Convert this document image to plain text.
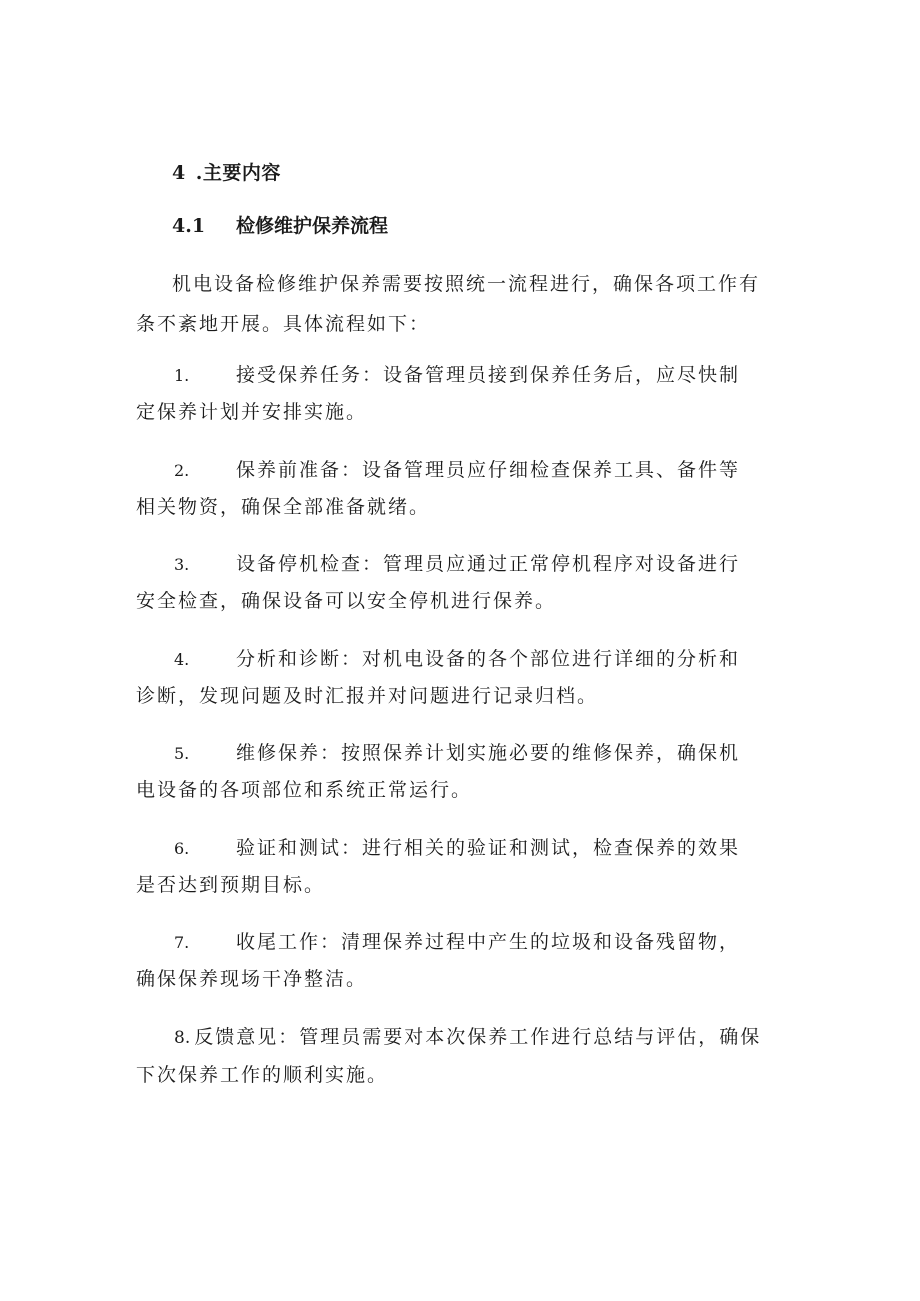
4 .主要内容
4.1 检修维护保养流程
机电设备检修维护保养需要按照统一流程进行，确保各项工作有条不紊地开展。具体流程如下：
1. 接受保养任务：设备管理员接到保养任务后，应尽快制定保养计划并安排实施。
2. 保养前准备：设备管理员应仔细检查保养工具、备件等相关物资，确保全部准备就绪。
3. 设备停机检查：管理员应通过正常停机程序对设备进行安全检查，确保设备可以安全停机进行保养。
4. 分析和诊断：对机电设备的各个部位进行详细的分析和诊断，发现问题及时汇报并对问题进行记录归档。
5. 维修保养：按照保养计划实施必要的维修保养，确保机电设备的各项部位和系统正常运行。
6. 验证和测试：进行相关的验证和测试，检查保养的效果是否达到预期目标。
7. 收尾工作：清理保养过程中产生的垃圾和设备残留物，确保保养现场干净整洁。
8. 反馈意见：管理员需要对本次保养工作进行总结与评估，确保下次保养工作的顺利实施。
